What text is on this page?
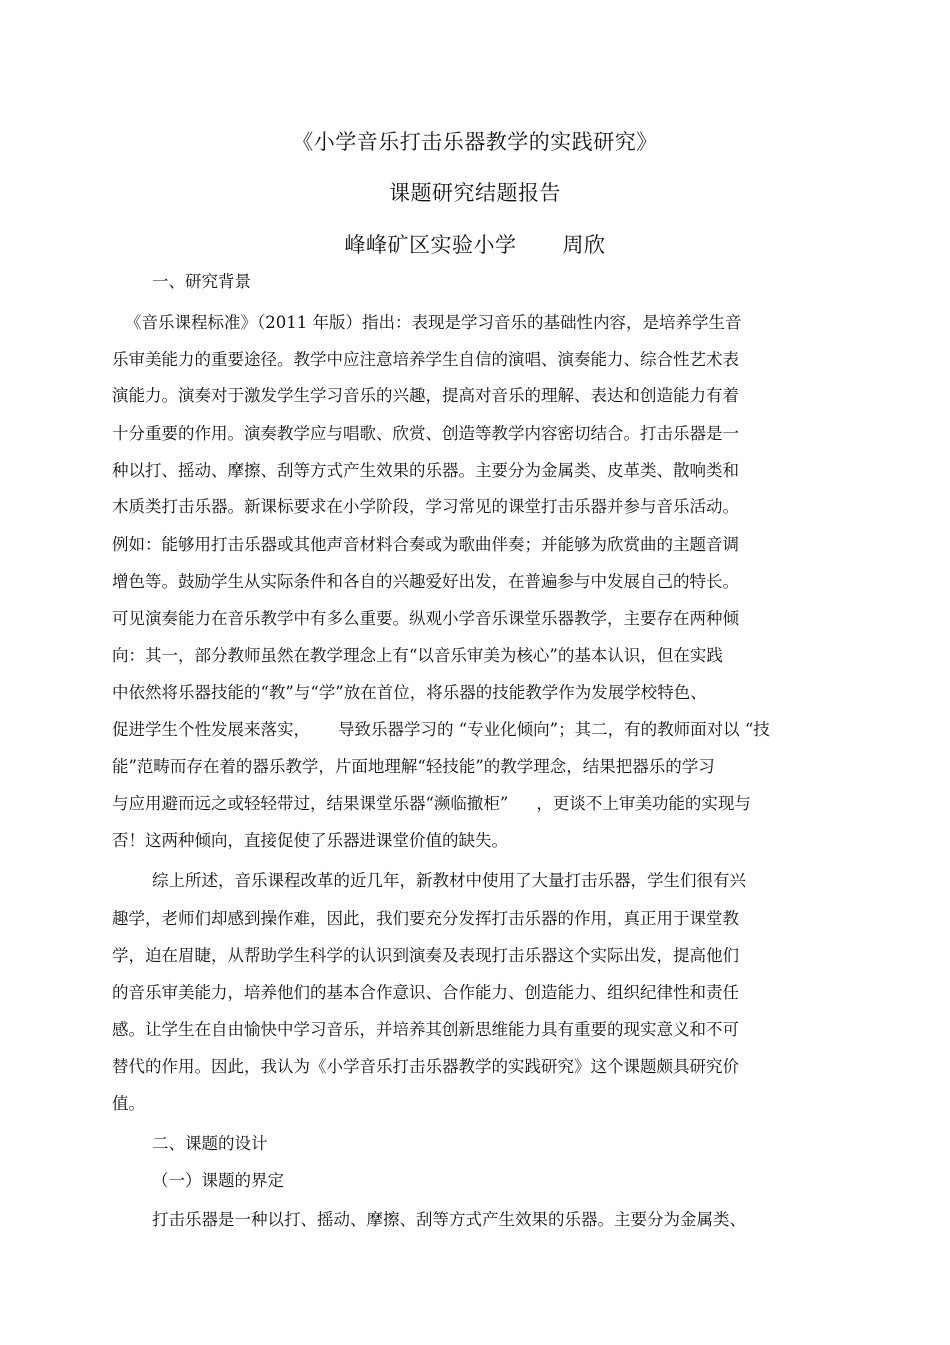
《小学音乐打击乐器教学的实践研究》
课题研究结题报告
峰峰矿区实验小学 周欣
一、研究背景
《音乐课程标准》（2011 年版）指出：表现是学习音乐的基础性内容，是培养学生音
乐审美能力的重要途径。教学中应注意培养学生自信的演唱、演奏能力、综合性艺术表
演能力。演奏对于激发学生学习音乐的兴趣，提高对音乐的理解、表达和创造能力有着
十分重要的作用。演奏教学应与唱歌、欣赏、创造等教学内容密切结合。打击乐器是一
种以打、摇动、摩擦、刮等方式产生效果的乐器。主要分为金属类、皮革类、散响类和
木质类打击乐器。新课标要求在小学阶段，学习常见的课堂打击乐器并参与音乐活动。
例如：能够用打击乐器或其他声音材料合奏或为歌曲伴奏；并能够为欣赏曲的主题音调
增色等。鼓励学生从实际条件和各自的兴趣爱好出发，在普遍参与中发展自己的特长。
可见演奏能力在音乐教学中有多么重要。纵观小学音乐课堂乐器教学，主要存在两种倾
向：其一，部分教师虽然在教学理念上有“以音乐审美为核心”的基本认识，但在实践
中依然将乐器技能的“教”与“学”放在首位，将乐器的技能教学作为发展学校特色、
促进学生个性发展来落实， 导致乐器学习的 “专业化倾向”；其二，有的教师面对以 “技
能”范畴而存在着的器乐教学，片面地理解“轻技能”的教学理念，结果把器乐的学习
与应用避而远之或轻轻带过，结果课堂乐器“濒临撤柜” ，更谈不上审美功能的实现与
否！这两种倾向，直接促使了乐器进课堂价值的缺失。
综上所述，音乐课程改革的近几年，新教材中使用了大量打击乐器，学生们很有兴
趣学，老师们却感到操作难，因此，我们要充分发挥打击乐器的作用，真正用于课堂教
学，迫在眉睫，从帮助学生科学的认识到演奏及表现打击乐器这个实际出发，提高他们
的音乐审美能力，培养他们的基本合作意识、合作能力、创造能力、组织纪律性和责任
感。让学生在自由愉快中学习音乐，并培养其创新思维能力具有重要的现实意义和不可
替代的作用。因此，我认为《小学音乐打击乐器教学的实践研究》这个课题颇具研究价
值。
二、课题的设计
（一）课题的界定
打击乐器是一种以打、摇动、摩擦、刮等方式产生效果的乐器。主要分为金属类、
